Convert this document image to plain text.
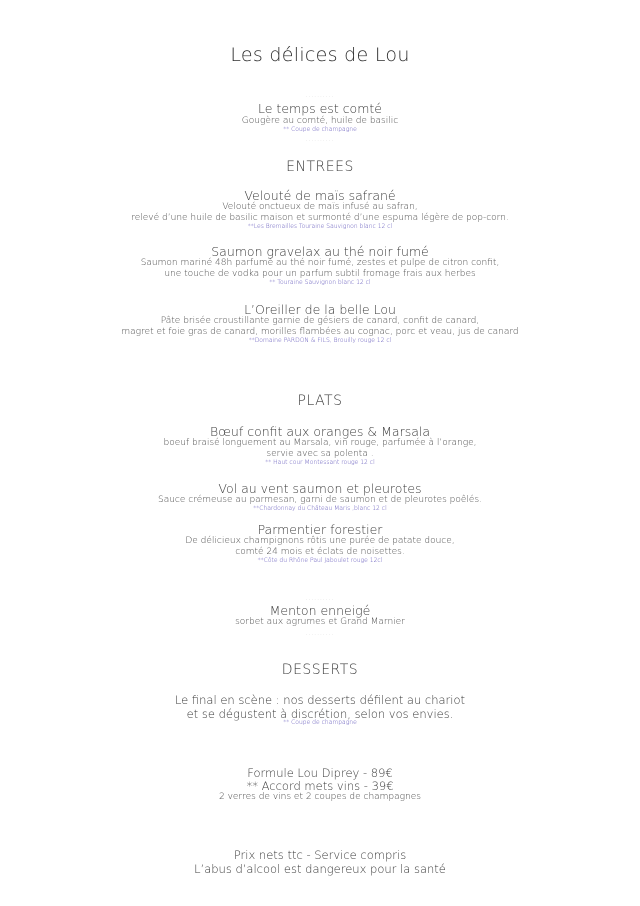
Les délices de Lou
..........
Le temps est comté
Gougère au comté, huile de basilic
** Coupe de champagne
..........
ENTREES
Velouté de maïs safrané
Velouté onctueux de maïs infusé au safran,
relevé d’une huile de basilic maison et surmonté d’une espuma légère de pop-corn.
**Les Bremailles Touraine Sauvignon blanc 12 cl
Saumon gravelax au thé noir fumé
Saumon mariné 48h parfumé au thé noir fumé, zestes et pulpe de citron confit,
une touche de vodka pour un parfum subtil fromage frais aux herbes
** Touraine Sauvignon blanc 12 cl
L’Oreiller de la belle Lou
Pâte brisée croustillante garnie de gésiers de canard, confit de canard,
magret et foie gras de canard, morilles flambées au cognac, porc et veau, jus de canard
**Domaine PARDON & FILS, Brouilly rouge 12 cl
PLATS
Bœuf confit aux oranges & Marsala
boeuf braisé longuement au Marsala, vin rouge, parfumée à l’orange,
servie avec sa polenta .
** Haut cour Montessant rouge 12 cl
Vol au vent saumon et pleurotes
Sauce crémeuse au parmesan, garni de saumon et de pleurotes poêlés.
**Chardonnay du Château Maris ,blanc 12 cl
Parmentier forestier
De délicieux champignons rôtis une purée de patate douce,
comté 24 mois et éclats de noisettes.
**Côte du Rhône Paul Jaboulet rouge 12cl
..........
Menton enneigé
sorbet aux agrumes et Grand Marnier
..........
DESSERTS
Le final en scène : nos desserts défilent au chariot
et se dégustent à discrétion, selon vos envies.
** Coupe de champagne
Formule Lou Diprey - 89€
** Accord mets vins - 39€
2 verres de vins et 2 coupes de champagnes
Prix nets ttc - Service compris
L’abus d’alcool est dangereux pour la santé
